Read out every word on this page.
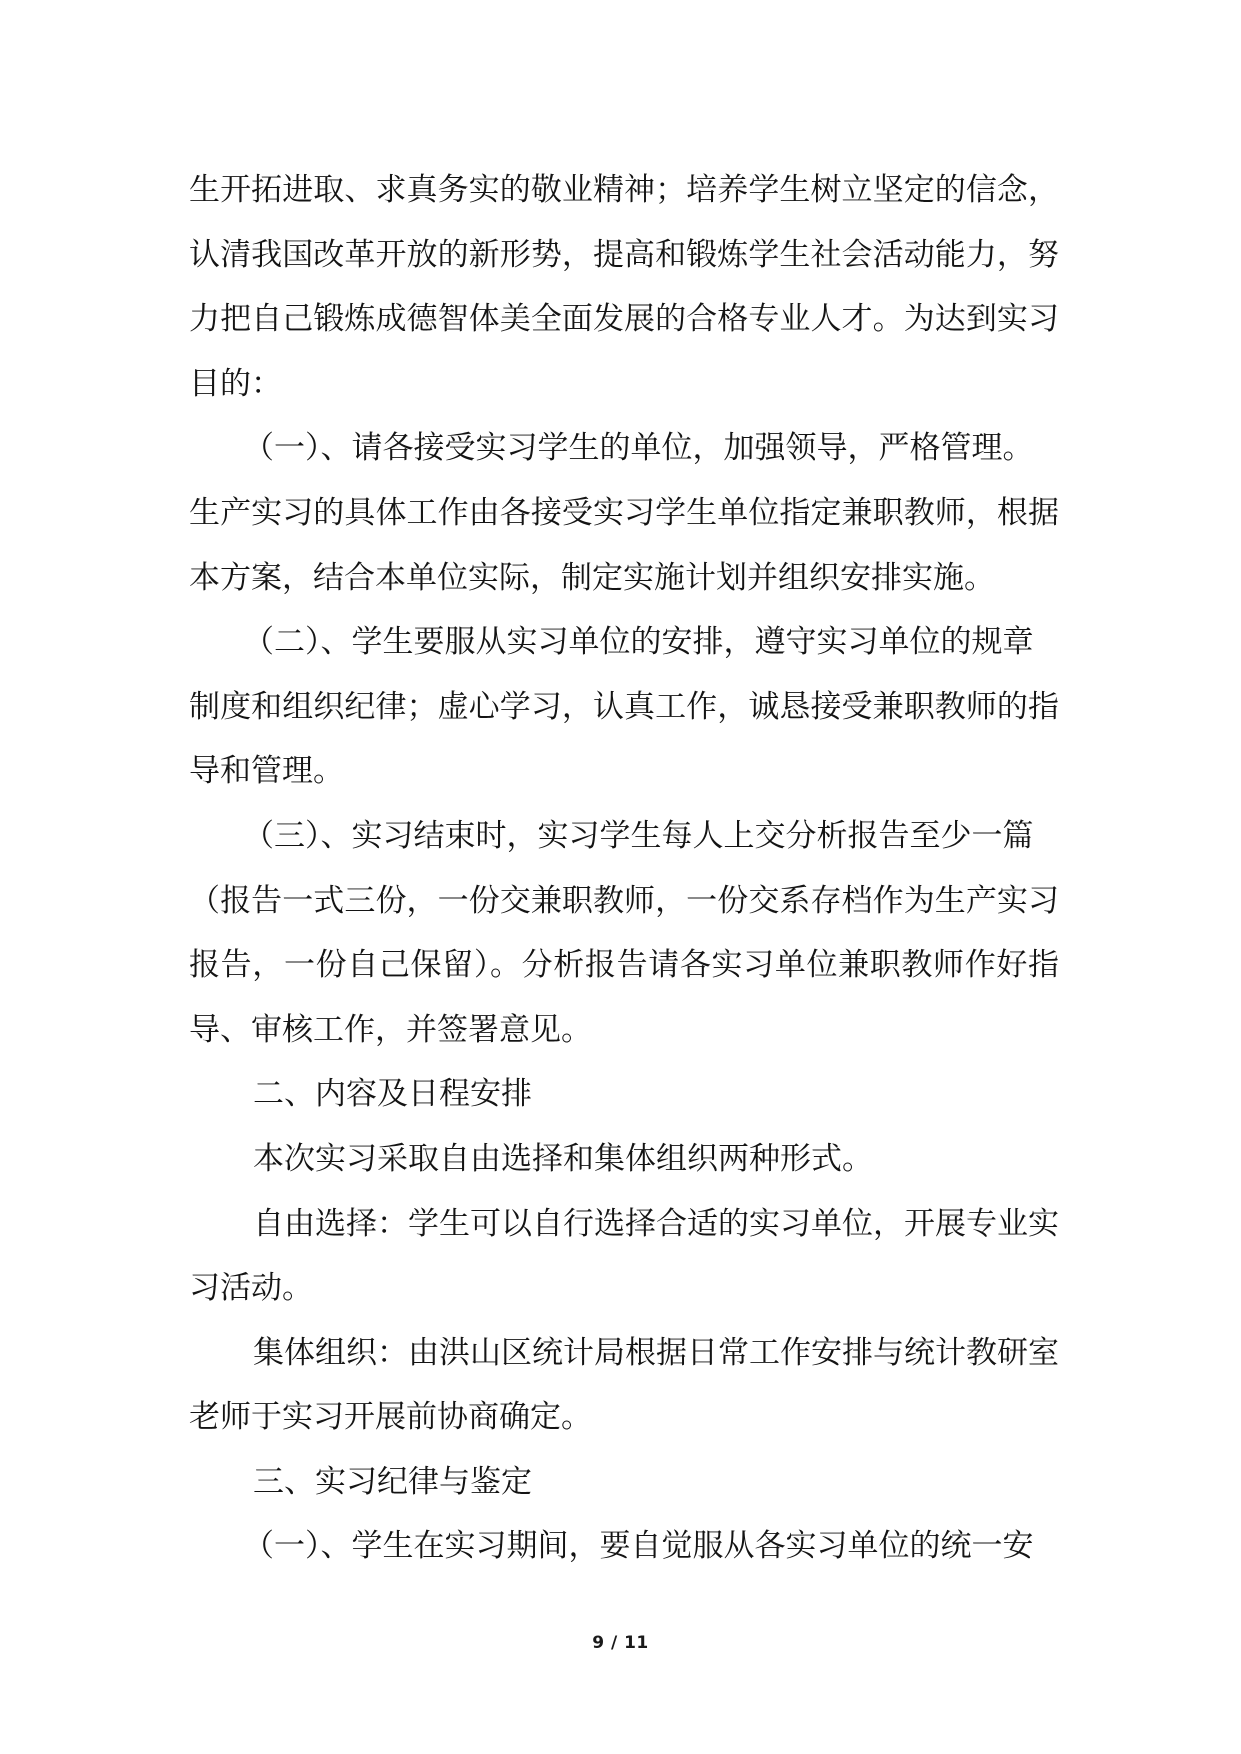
生开拓进取、求真务实的敬业精神；培养学生树立坚定的信念，
认清我国改革开放的新形势，提高和锻炼学生社会活动能力，努
力把自己锻炼成德智体美全面发展的合格专业人才。为达到实习
目的：
（一）、请各接受实习学生的单位，加强领导，严格管理。
生产实习的具体工作由各接受实习学生单位指定兼职教师，根据
本方案，结合本单位实际，制定实施计划并组织安排实施。
（二）、学生要服从实习单位的安排，遵守实习单位的规章
制度和组织纪律；虚心学习，认真工作，诚恳接受兼职教师的指
导和管理。
（三）、实习结束时，实习学生每人上交分析报告至少一篇
（报告一式三份，一份交兼职教师，一份交系存档作为生产实习
报告，一份自己保留）。分析报告请各实习单位兼职教师作好指
导、审核工作，并签署意见。
二、内容及日程安排
本次实习采取自由选择和集体组织两种形式。
自由选择：学生可以自行选择合适的实习单位，开展专业实
习活动。
集体组织：由洪山区统计局根据日常工作安排与统计教研室
老师于实习开展前协商确定。
三、实习纪律与鉴定
（一）、学生在实习期间，要自觉服从各实习单位的统一安
9 / 11
